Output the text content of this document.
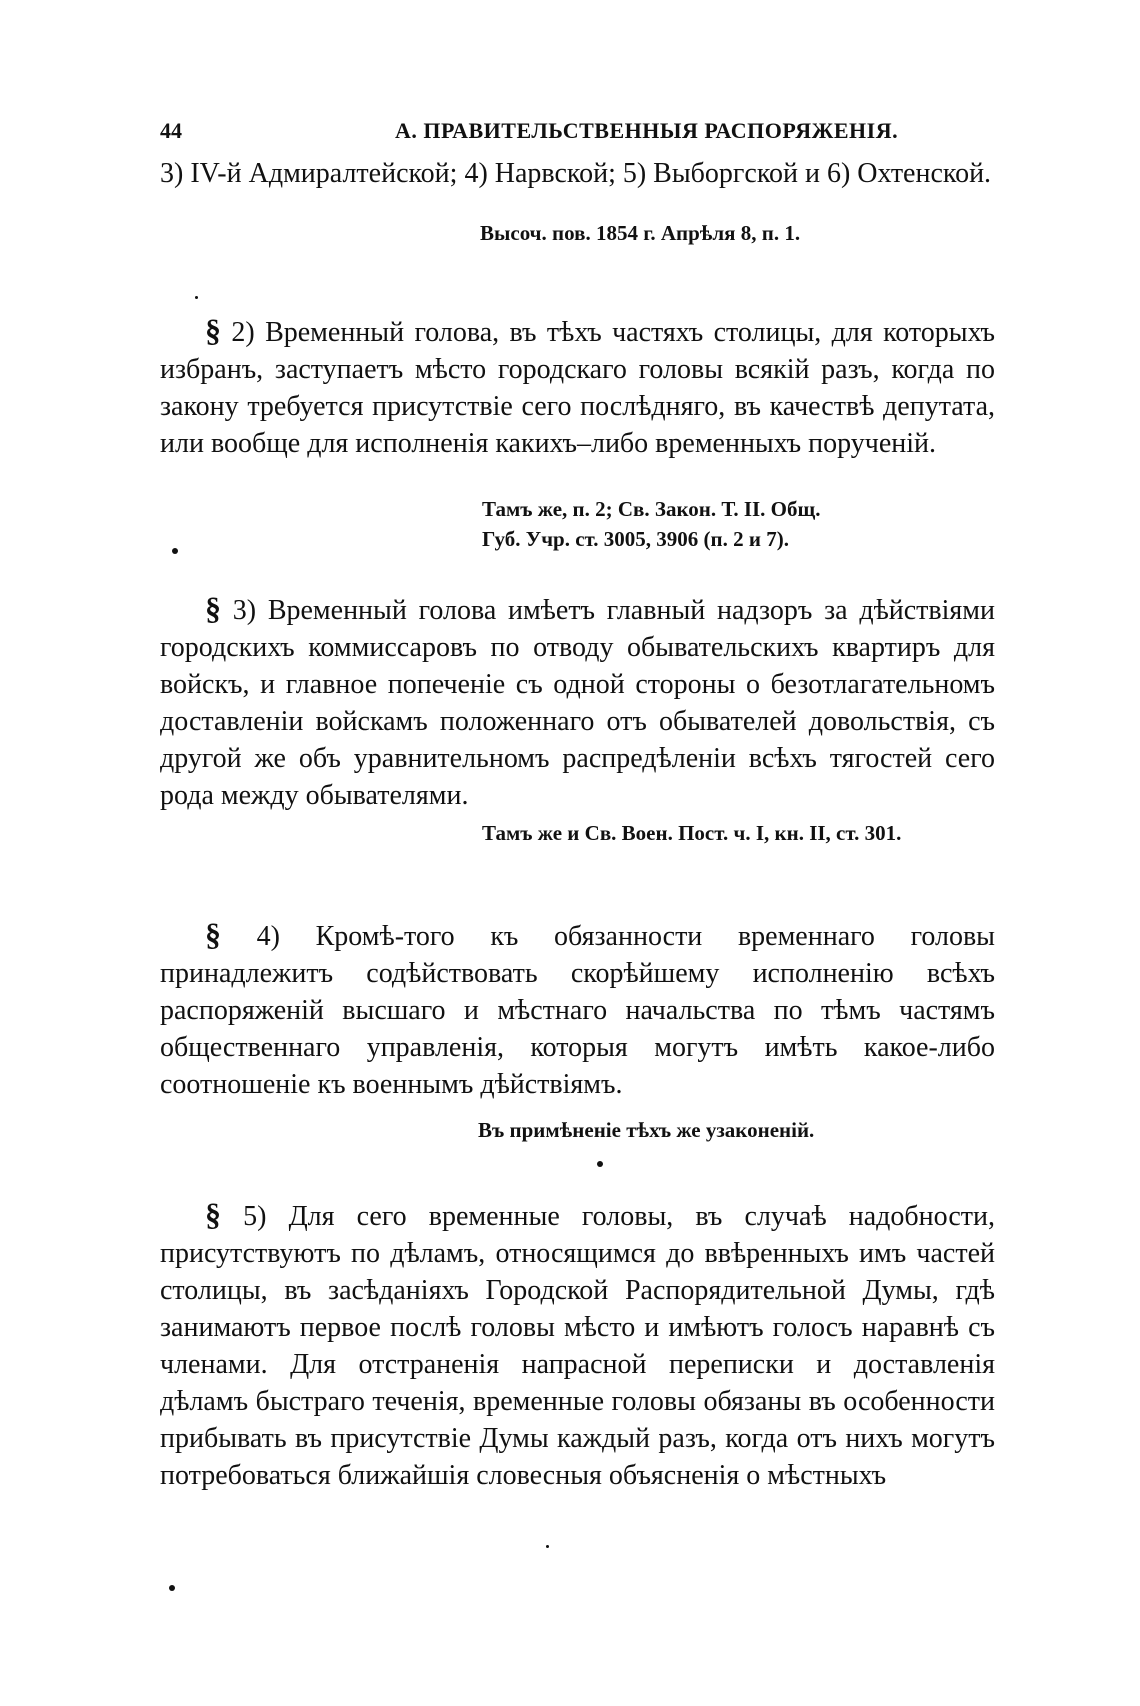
44	А. ПРАВИТЕЛЬСТВЕННЫЯ РАСПОРЯЖЕНІЯ.
3) IV-й Адмиралтейской; 4) Нарвской; 5) Выборгской и 6) Охтенской.
Высоч. пов. 1854 г. Апрѣля 8, п. 1.
§ 2) Временный голова, въ тѣхъ частяхъ столицы, для которыхъ избранъ, заступаетъ мѣсто городскаго головы всякій разъ, когда по закону требуется присутствіе сего послѣдняго, въ качествѣ депутата, или вообще для исполненія какихъ–либо временныхъ порученій.
Тамъ же, п. 2; Св. Закон. Т. II. Общ.
Губ. Учр. ст. 3005, 3906 (п. 2 и 7).
§ 3) Временный голова имѣетъ главный надзоръ за дѣйствіями городскихъ коммиссаровъ по отводу обывательскихъ квартиръ для войскъ, и главное попеченіе съ одной стороны о безотлагательномъ доставленіи войскамъ положеннаго отъ обывателей довольствія, съ другой же объ уравнительномъ распредѣленіи всѣхъ тягостей сего рода между обывателями.
Тамъ же и Св. Воен. Пост. ч. I, кн. II, ст. 301.
§ 4) Кромѣ-того къ обязанности временнаго головы принадлежитъ содѣйствовать скорѣйшему исполненію всѣхъ распоряженій высшаго и мѣстнаго начальства по тѣмъ частямъ общественнаго управленія, которыя могутъ имѣть какое-либо соотношеніе къ военнымъ дѣйствіямъ.
Въ примѣненіе тѣхъ же узаконеній.
§ 5) Для сего временные головы, въ случаѣ надобности, присутствуютъ по дѣламъ, относящимся до ввѣренныхъ имъ частей столицы, въ засѣданіяхъ Городской Распорядительной Думы, гдѣ занимаютъ первое послѣ головы мѣсто и имѣютъ голосъ наравнѣ съ членами. Для отстраненія напрасной переписки и доставленія дѣламъ быстраго теченія, временные головы обязаны въ особенности прибывать въ присутствіе Думы каждый разъ, когда отъ нихъ могутъ потребоваться ближайшія словесныя объясненія о мѣстныхъ
